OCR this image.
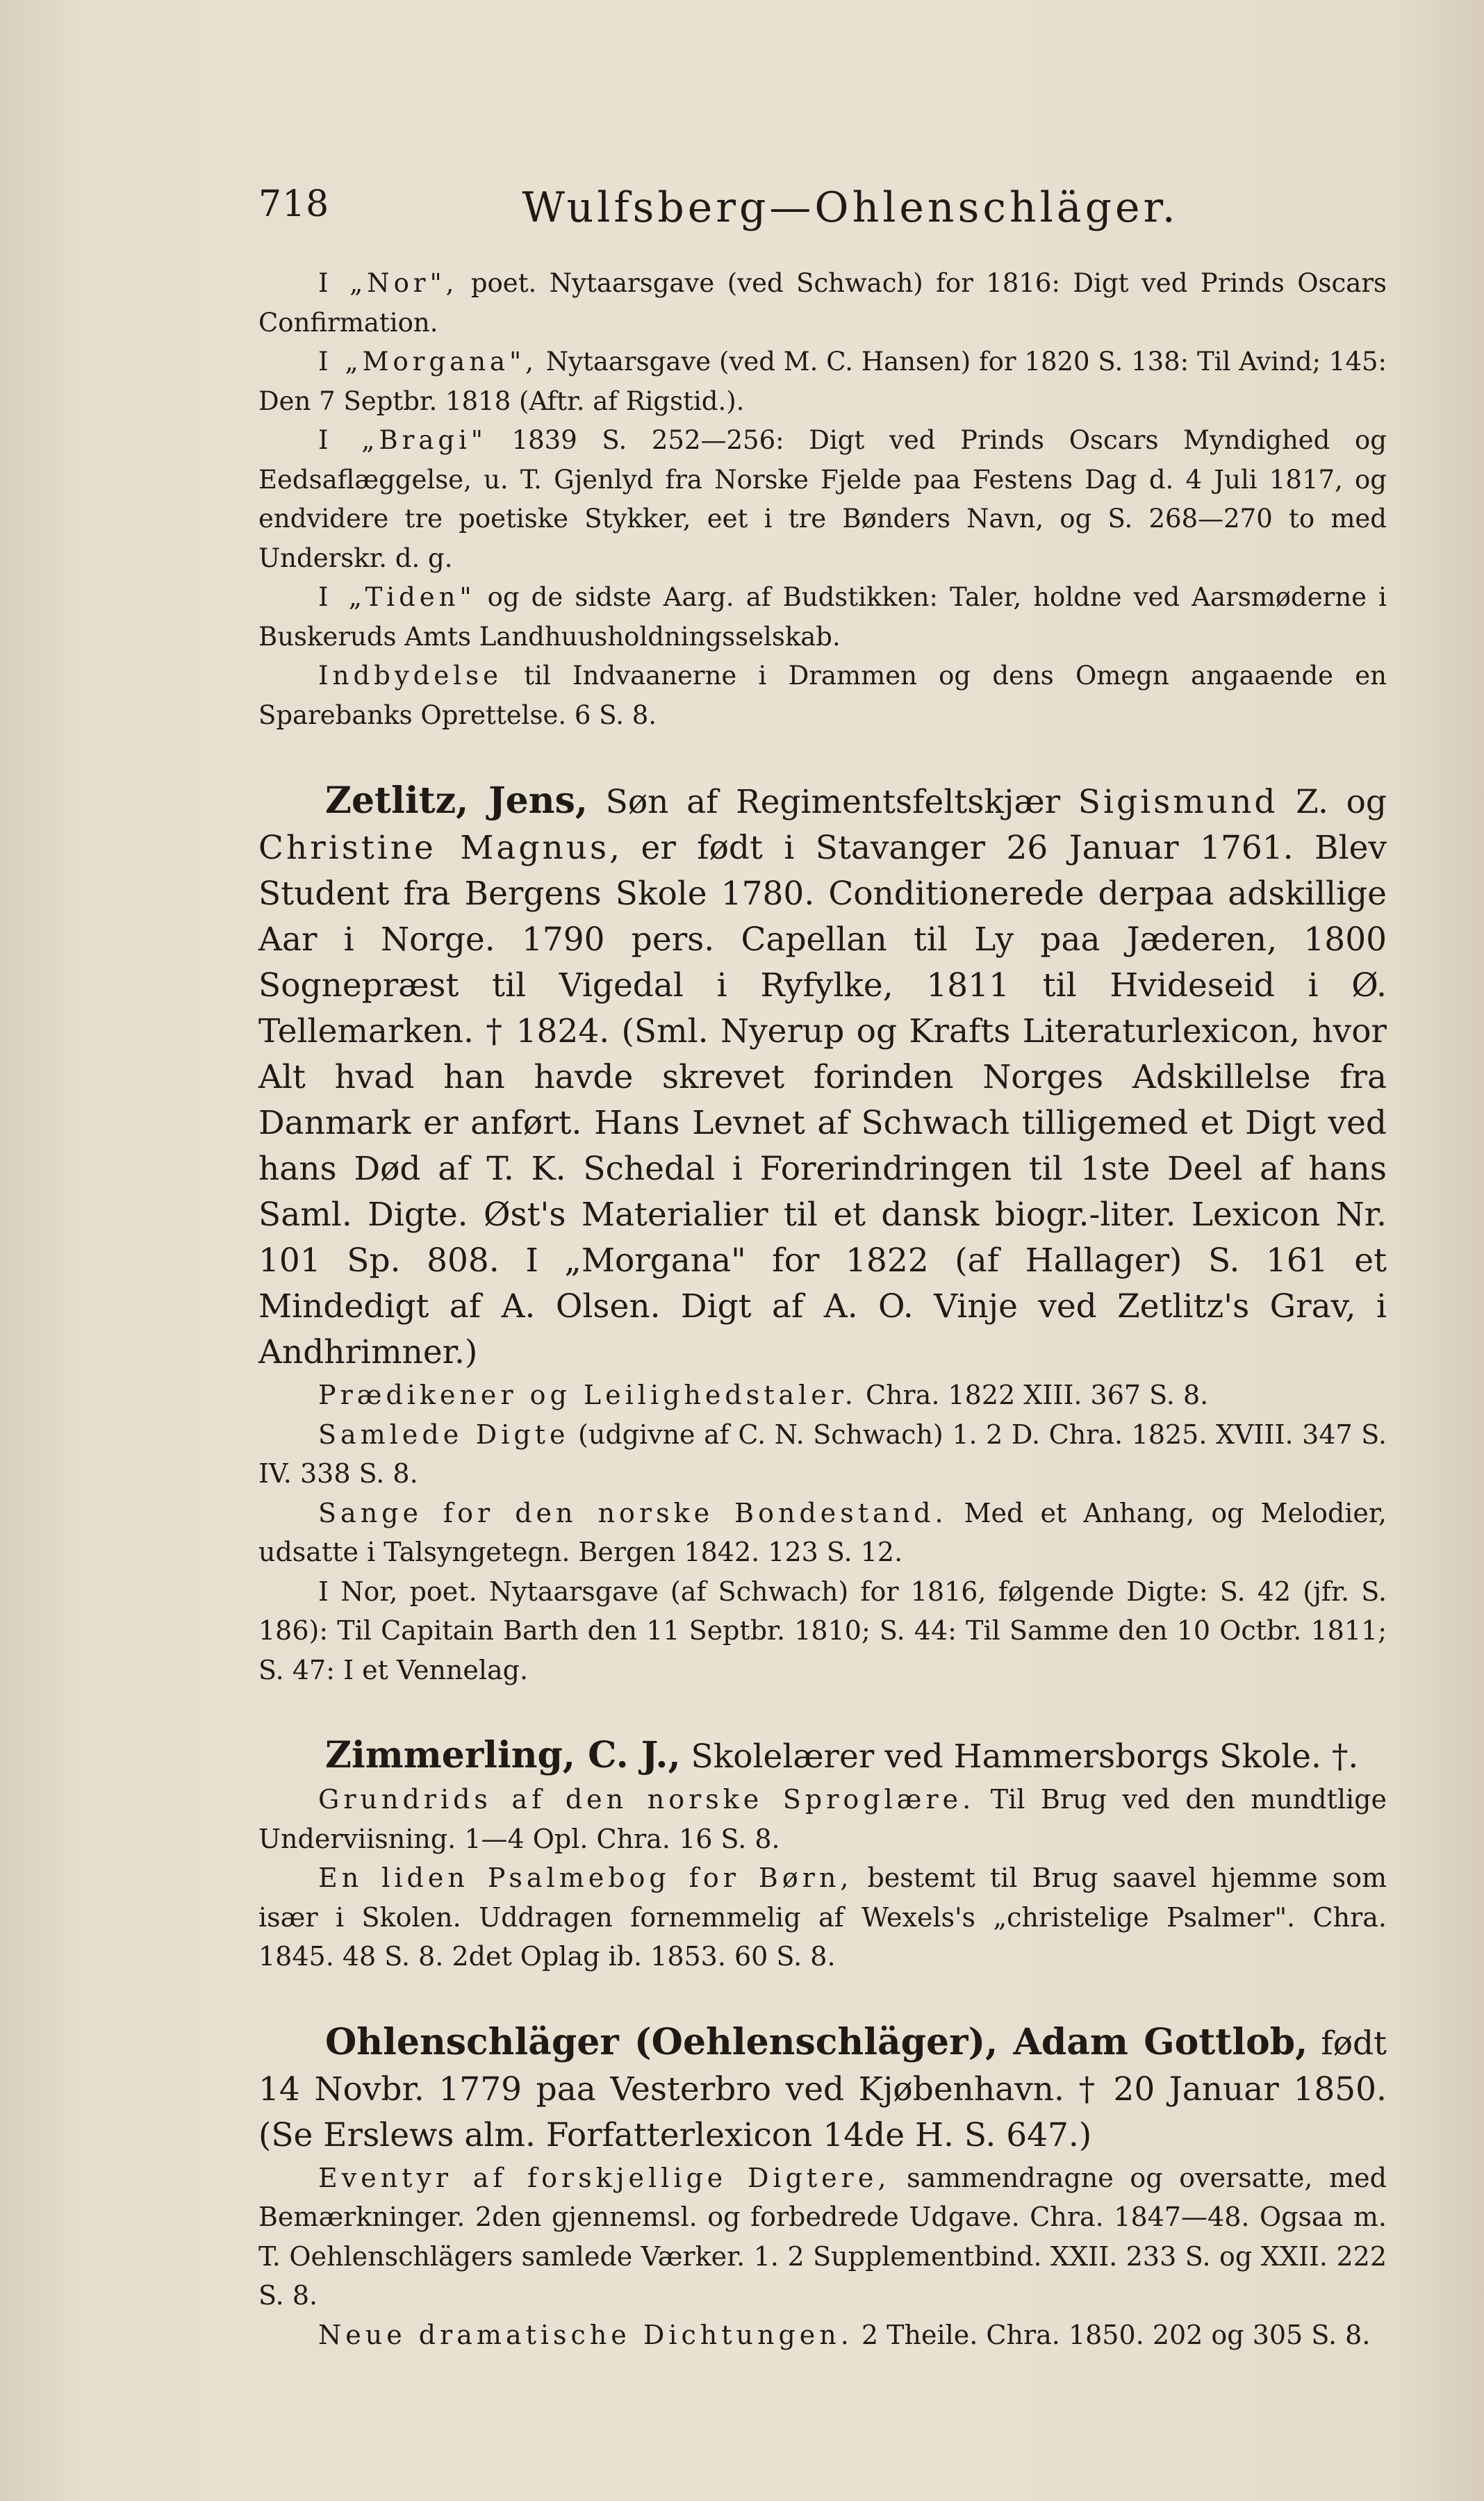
718	Wulfsberg—Ohlenschläger.

I „Nor", poet. Nytaarsgave (ved Schwach) for 1816: Digt ved Prinds Oscars Confirmation.

I „Morgana", Nytaarsgave (ved M. C. Hansen) for 1820 S. 138: Til Avind; 145: Den 7 Septbr. 1818 (Aftr. af Rigstid.).

I „Bragi" 1839 S. 252—256: Digt ved Prinds Oscars Myndighed og Eedsaflæggelse, u. T. Gjenlyd fra Norske Fjelde paa Festens Dag d. 4 Juli 1817, og endvidere tre poetiske Stykker, eet i tre Bønders Navn, og S. 268—270 to med Underskr. d. g.

I „Tiden" og de sidste Aarg. af Budstikken: Taler, holdne ved Aarsmøderne i Buskeruds Amts Landhuusholdningsselskab.

Indbydelse til Indvaanerne i Drammen og dens Omegn angaaende en Sparebanks Oprettelse. 6 S. 8.

Zetlitz, Jens, Søn af Regimentsfeltskjær Sigismund Z. og Christine Magnus, er født i Stavanger 26 Januar 1761. Blev Student fra Bergens Skole 1780. Conditionerede derpaa adskillige Aar i Norge. 1790 pers. Capellan til Ly paa Jæderen, 1800 Sognepræst til Vigedal i Ryfylke, 1811 til Hvideseid i Ø. Tellemarken. † 1824. (Sml. Nyerup og Krafts Literaturlexicon, hvor Alt hvad han havde skrevet forinden Norges Adskillelse fra Danmark er anført. Hans Levnet af Schwach tilligemed et Digt ved hans Død af T. K. Schedal i Forerindringen til 1ste Deel af hans Saml. Digte. Øst's Materialier til et dansk biogr.-liter. Lexicon Nr. 101 Sp. 808. I „Morgana" for 1822 (af Hallager) S. 161 et Mindedigt af A. Olsen. Digt af A. O. Vinje ved Zetlitz's Grav, i Andhrimner.)

Prædikener og Leilighedstaler. Chra. 1822 XIII. 367 S. 8.

Samlede Digte (udgivne af C. N. Schwach) 1. 2 D. Chra. 1825. XVIII. 347 S. IV. 338 S. 8.

Sange for den norske Bondestand. Med et Anhang, og Melodier, udsatte i Talsyngetegn. Bergen 1842. 123 S. 12.

I Nor, poet. Nytaarsgave (af Schwach) for 1816, følgende Digte: S. 42 (jfr. S. 186): Til Capitain Barth den 11 Septbr. 1810; S. 44: Til Samme den 10 Octbr. 1811; S. 47: I et Vennelag.

Zimmerling, C. J., Skolelærer ved Hammersborgs Skole. †.

Grundrids af den norske Sproglære. Til Brug ved den mundtlige Underviisning. 1—4 Opl. Chra. 16 S. 8.

En liden Psalmebog for Børn, bestemt til Brug saavel hjemme som især i Skolen. Uddragen fornemmelig af Wexels's „christelige Psalmer". Chra. 1845. 48 S. 8. 2det Oplag ib. 1853. 60 S. 8.

Ohlenschläger (Oehlenschläger), Adam Gottlob, født 14 Novbr. 1779 paa Vesterbro ved Kjøbenhavn. † 20 Januar 1850. (Se Erslews alm. Forfatterlexicon 14de H. S. 647.)

Eventyr af forskjellige Digtere, sammendragne og oversatte, med Bemærkninger. 2den gjennemsl. og forbedrede Udgave. Chra. 1847—48. Ogsaa m. T. Oehlenschlägers samlede Værker. 1. 2 Supplementbind. XXII. 233 S. og XXII. 222 S. 8.

Neue dramatische Dichtungen. 2 Theile. Chra. 1850. 202 og 305 S. 8.
